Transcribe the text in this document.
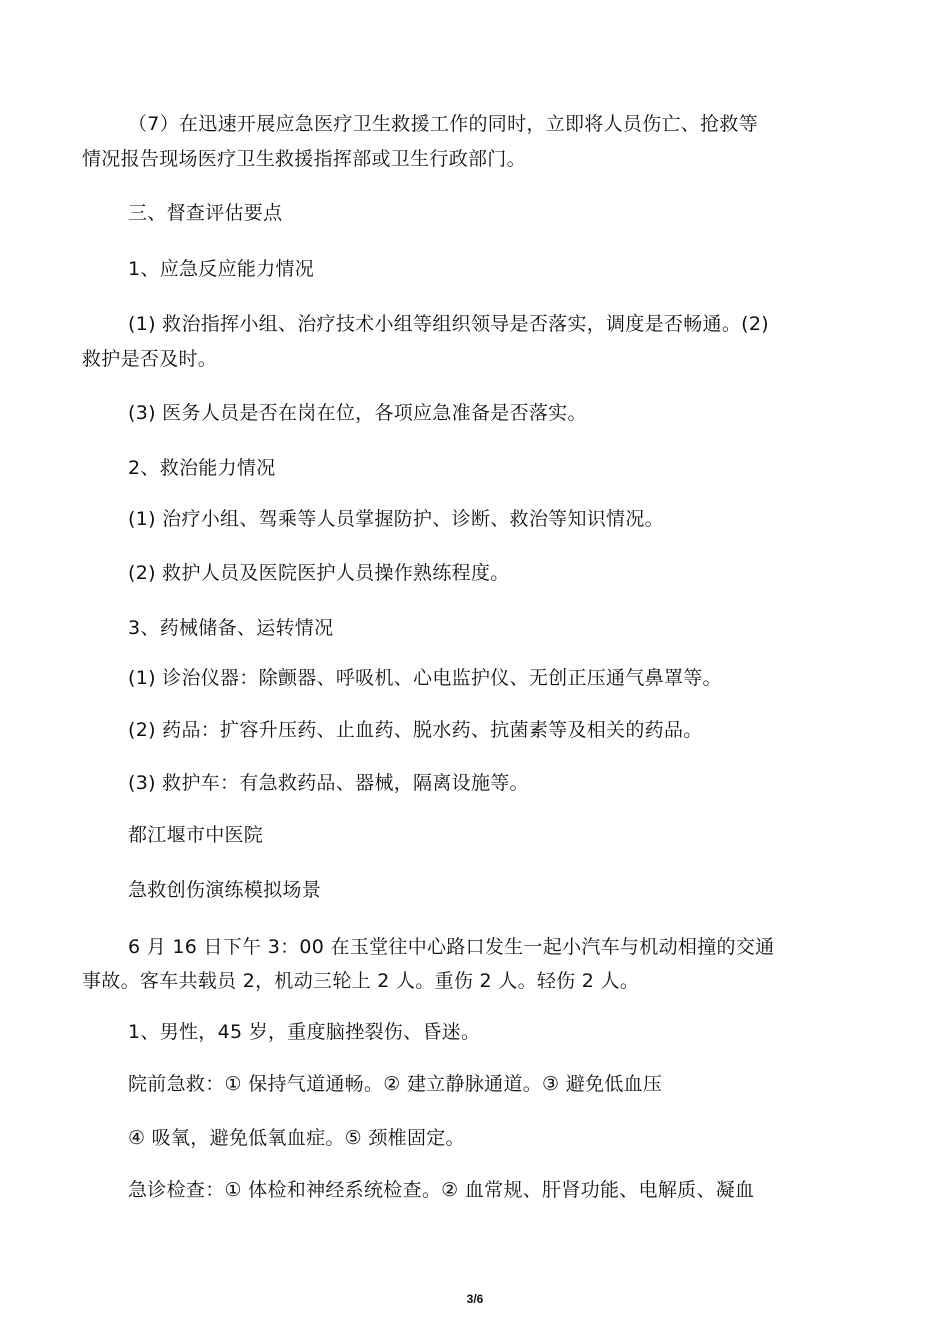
（7）在迅速开展应急医疗卫生救援工作的同时，立即将人员伤亡、抢救等
情况报告现场医疗卫生救援指挥部或卫生行政部门。
三、督查评估要点
1、应急反应能力情况
(1) 救治指挥小组、治疗技术小组等组织领导是否落实，调度是否畅通。(2)
救护是否及时。
(3) 医务人员是否在岗在位，各项应急准备是否落实。
2、救治能力情况
(1) 治疗小组、驾乘等人员掌握防护、诊断、救治等知识情况。
(2) 救护人员及医院医护人员操作熟练程度。
3、药械储备、运转情况
(1) 诊治仪器：除颤器、呼吸机、心电监护仪、无创正压通气鼻罩等。
(2) 药品：扩容升压药、止血药、脱水药、抗菌素等及相关的药品。
(3) 救护车：有急救药品、器械，隔离设施等。
都江堰市中医院
急救创伤演练模拟场景
6 月 16 日下午 3：00 在玉堂往中心路口发生一起小汽车与机动相撞的交通
事故。客车共载员 2，机动三轮上 2 人。重伤 2 人。轻伤 2 人。
1、男性，45 岁，重度脑挫裂伤、昏迷。
院前急救：① 保持气道通畅。② 建立静脉通道。③ 避免低血压
④ 吸氧，避免低氧血症。⑤ 颈椎固定。
急诊检查：① 体检和神经系统检查。② 血常规、肝肾功能、电解质、凝血
3/6
